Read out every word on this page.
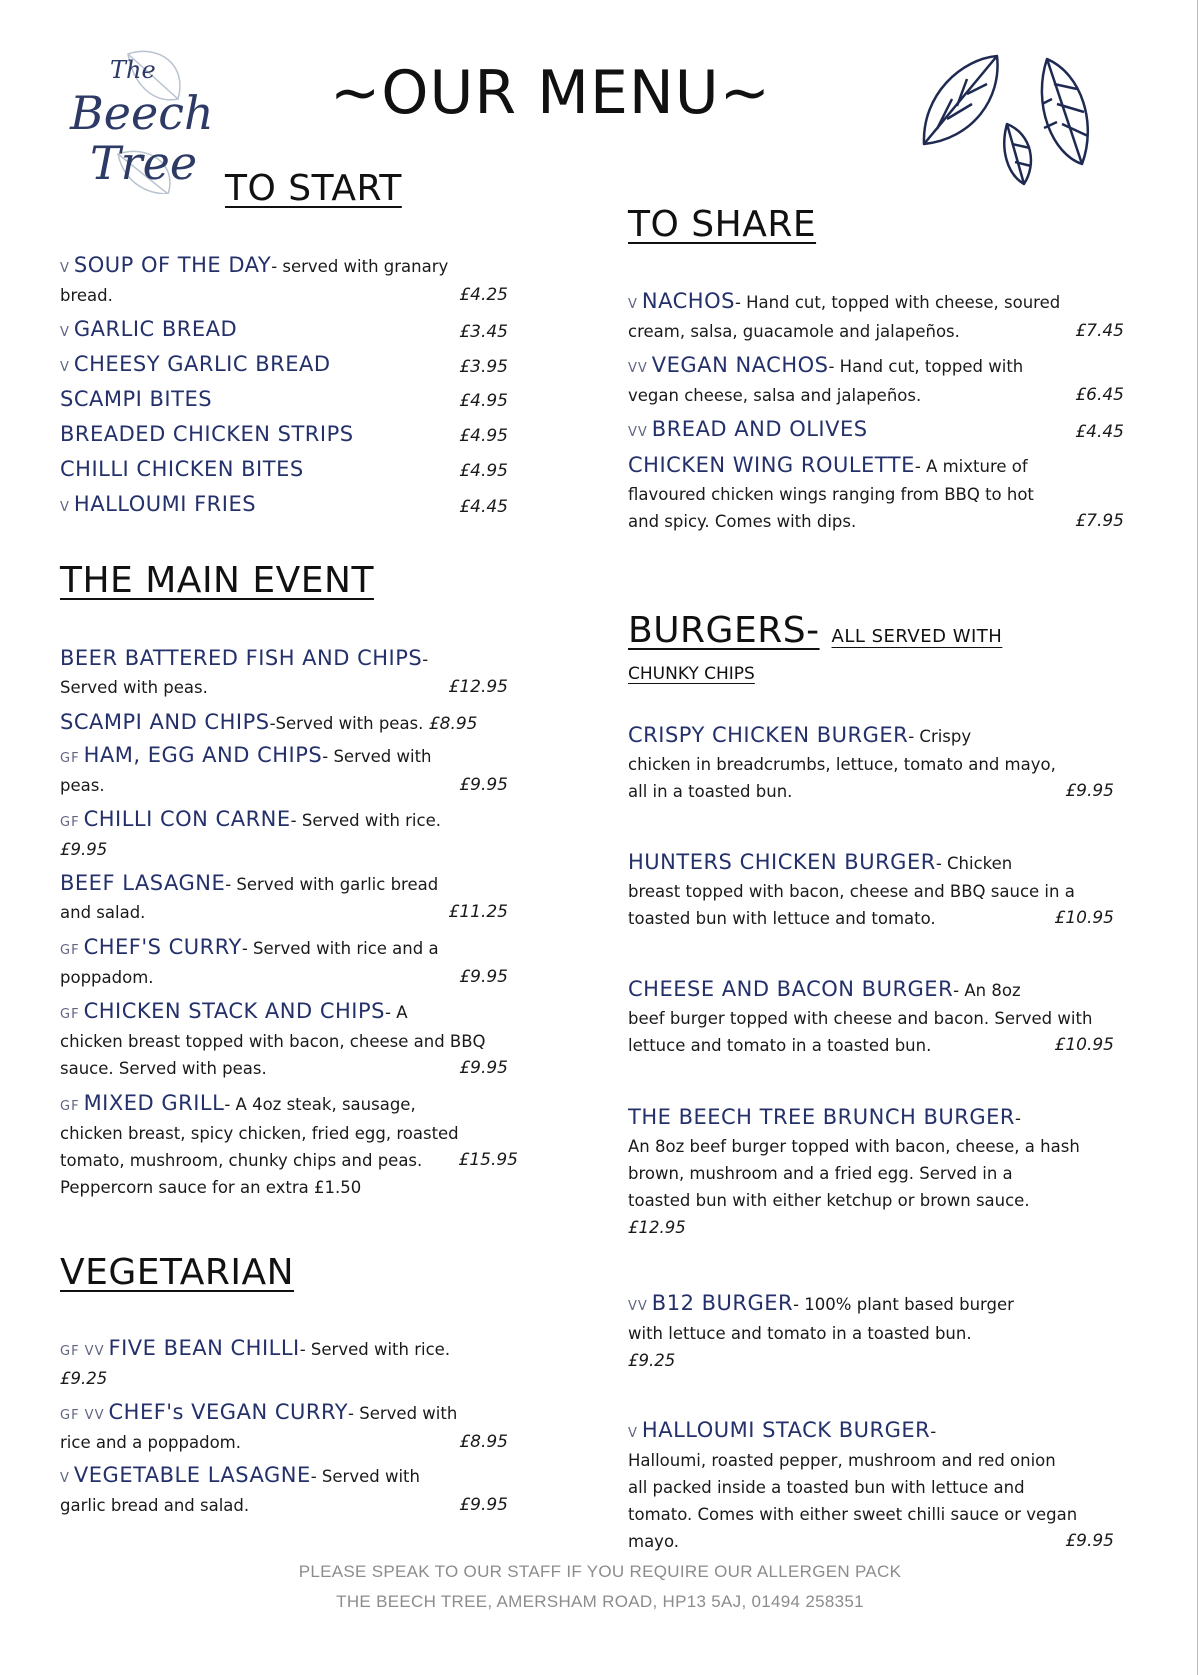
The
Beech
Tree
~OUR MENU~
TO START
V SOUP OF THE DAY- served with granary
bread.	£4.25
V GARLIC BREAD	£3.45
V CHEESY GARLIC BREAD	£3.95
SCAMPI BITES	£4.95
BREADED CHICKEN STRIPS	£4.95
CHILLI CHICKEN BITES	£4.95
V HALLOUMI FRIES	£4.45
THE MAIN EVENT
BEER BATTERED FISH AND CHIPS-
Served with peas.	£12.95
SCAMPI AND CHIPS-Served with peas. £8.95
GF HAM, EGG AND CHIPS- Served with
peas.	£9.95
GF CHILLI CON CARNE- Served with rice.
£9.95
BEEF LASAGNE- Served with garlic bread
and salad.	£11.25
GF CHEF'S CURRY- Served with rice and a
poppadom.	£9.95
GF CHICKEN STACK AND CHIPS- A
chicken breast topped with bacon, cheese and BBQ
sauce. Served with peas.	£9.95
GF MIXED GRILL- A 4oz steak, sausage,
chicken breast, spicy chicken, fried egg, roasted
tomato, mushroom, chunky chips and peas.
Peppercorn sauce for an extra £1.50
£15.95
VEGETARIAN
GF VV FIVE BEAN CHILLI- Served with rice.
£9.25
GF VV CHEF's VEGAN CURRY- Served with
rice and a poppadom.	£8.95
V VEGETABLE LASAGNE- Served with
garlic bread and salad.	£9.95
TO SHARE
V NACHOS- Hand cut, topped with cheese, soured
cream, salsa, guacamole and jalapeños.	£7.45
VV VEGAN NACHOS- Hand cut, topped with
vegan cheese, salsa and jalapeños.	£6.45
VV BREAD AND OLIVES	£4.45
CHICKEN WING ROULETTE- A mixture of
flavoured chicken wings ranging from BBQ to hot
and spicy. Comes with dips.	£7.95
BURGERS- ALL SERVED WITH
CHUNKY CHIPS
CRISPY CHICKEN BURGER- Crispy
chicken in breadcrumbs, lettuce, tomato and mayo,
all in a toasted bun.	£9.95
HUNTERS CHICKEN BURGER- Chicken
breast topped with bacon, cheese and BBQ sauce in a
toasted bun with lettuce and tomato.	£10.95
CHEESE AND BACON BURGER- An 8oz
beef burger topped with cheese and bacon. Served with
lettuce and tomato in a toasted bun.	£10.95
THE BEECH TREE BRUNCH BURGER-
An 8oz beef burger topped with bacon, cheese, a hash
brown, mushroom and a fried egg. Served in a
toasted bun with either ketchup or brown sauce.
£12.95
VV B12 BURGER- 100% plant based burger
with lettuce and tomato in a toasted bun.
£9.25
V HALLOUMI STACK BURGER-
Halloumi, roasted pepper, mushroom and red onion
all packed inside a toasted bun with lettuce and
tomato. Comes with either sweet chilli sauce or vegan
mayo.	£9.95
PLEASE SPEAK TO OUR STAFF IF YOU REQUIRE OUR ALLERGEN PACK
THE BEECH TREE, AMERSHAM ROAD, HP13 5AJ, 01494 258351
